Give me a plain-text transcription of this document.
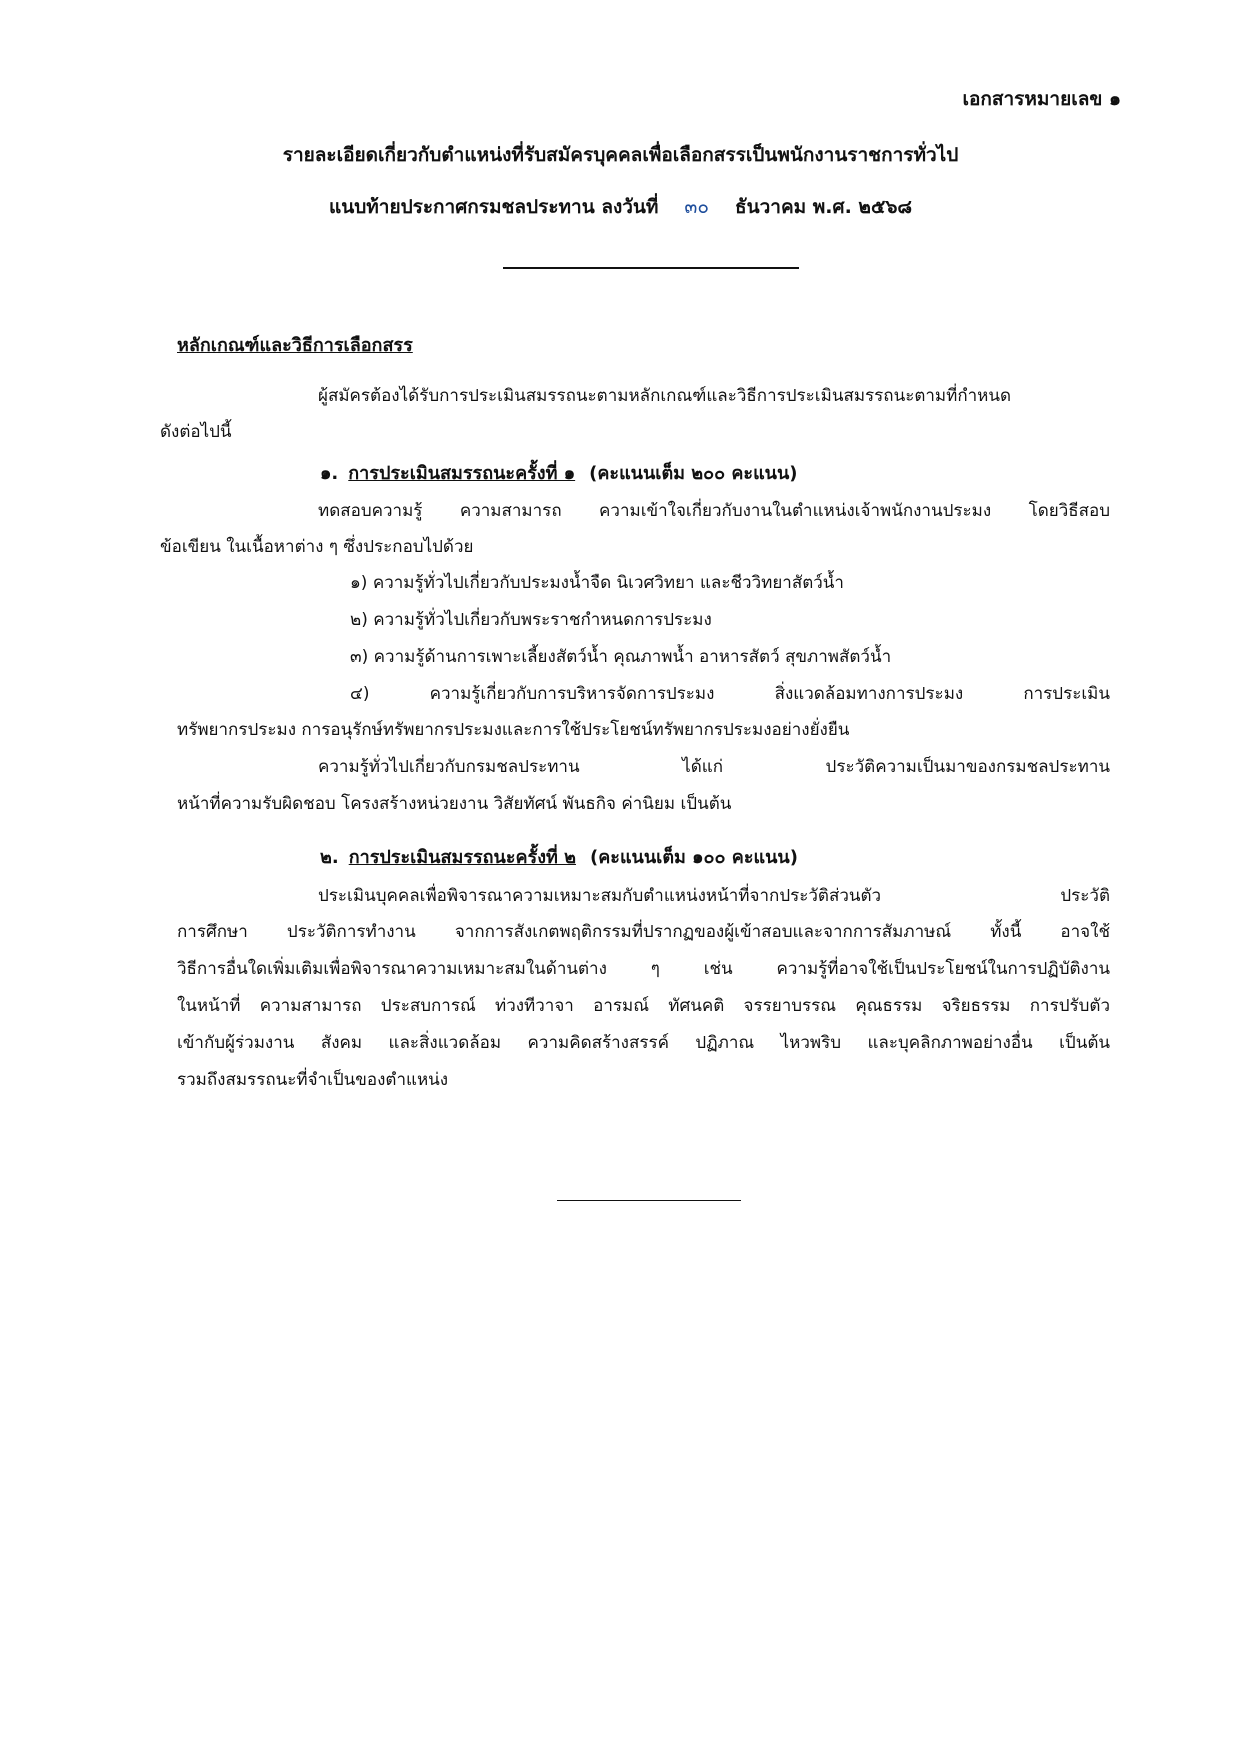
เอกสารหมายเลข ๑
รายละเอียดเกี่ยวกับตำแหน่งที่รับสมัครบุคคลเพื่อเลือกสรรเป็นพนักงานราชการทั่วไป
แนบท้ายประกาศกรมชลประทาน ลงวันที่ ๓๐ ธันวาคม พ.ศ. ๒๕๖๘
หลักเกณฑ์และวิธีการเลือกสรร
ผู้สมัครต้องได้รับการประเมินสมรรถนะตามหลักเกณฑ์และวิธีการประเมินสมรรถนะตามที่กำหนด
ดังต่อไปนี้
๑. การประเมินสมรรถนะครั้งที่ ๑ (คะแนนเต็ม ๒๐๐ คะแนน)
ทดสอบความรู้ ความสามารถ ความเข้าใจเกี่ยวกับงานในตำแหน่งเจ้าพนักงานประมง โดยวิธีสอบ
ข้อเขียน ในเนื้อหาต่าง ๆ ซึ่งประกอบไปด้วย
๑) ความรู้ทั่วไปเกี่ยวกับประมงน้ำจืด นิเวศวิทยา และชีววิทยาสัตว์น้ำ
๒) ความรู้ทั่วไปเกี่ยวกับพระราชกำหนดการประมง
๓) ความรู้ด้านการเพาะเลี้ยงสัตว์น้ำ คุณภาพน้ำ อาหารสัตว์ สุขภาพสัตว์น้ำ
๔) ความรู้เกี่ยวกับการบริหารจัดการประมง สิ่งแวดล้อมทางการประมง การประเมิน
ทรัพยากรประมง การอนุรักษ์ทรัพยากรประมงและการใช้ประโยชน์ทรัพยากรประมงอย่างยั่งยืน
ความรู้ทั่วไปเกี่ยวกับกรมชลประทาน ได้แก่ ประวัติความเป็นมาของกรมชลประทาน
หน้าที่ความรับผิดชอบ โครงสร้างหน่วยงาน วิสัยทัศน์ พันธกิจ ค่านิยม เป็นต้น
๒. การประเมินสมรรถนะครั้งที่ ๒ (คะแนนเต็ม ๑๐๐ คะแนน)
ประเมินบุคคลเพื่อพิจารณาความเหมาะสมกับตำแหน่งหน้าที่จากประวัติส่วนตัว ประวัติ
การศึกษา ประวัติการทำงาน จากการสังเกตพฤติกรรมที่ปรากฏของผู้เข้าสอบและจากการสัมภาษณ์ ทั้งนี้ อาจใช้
วิธีการอื่นใดเพิ่มเติมเพื่อพิจารณาความเหมาะสมในด้านต่าง ๆ เช่น ความรู้ที่อาจใช้เป็นประโยชน์ในการปฏิบัติงาน
ในหน้าที่ ความสามารถ ประสบการณ์ ท่วงทีวาจา อารมณ์ ทัศนคติ จรรยาบรรณ คุณธรรม จริยธรรม การปรับตัว
เข้ากับผู้ร่วมงาน สังคม และสิ่งแวดล้อม ความคิดสร้างสรรค์ ปฏิภาณ ไหวพริบ และบุคลิกภาพอย่างอื่น เป็นต้น
รวมถึงสมรรถนะที่จำเป็นของตำแหน่ง
